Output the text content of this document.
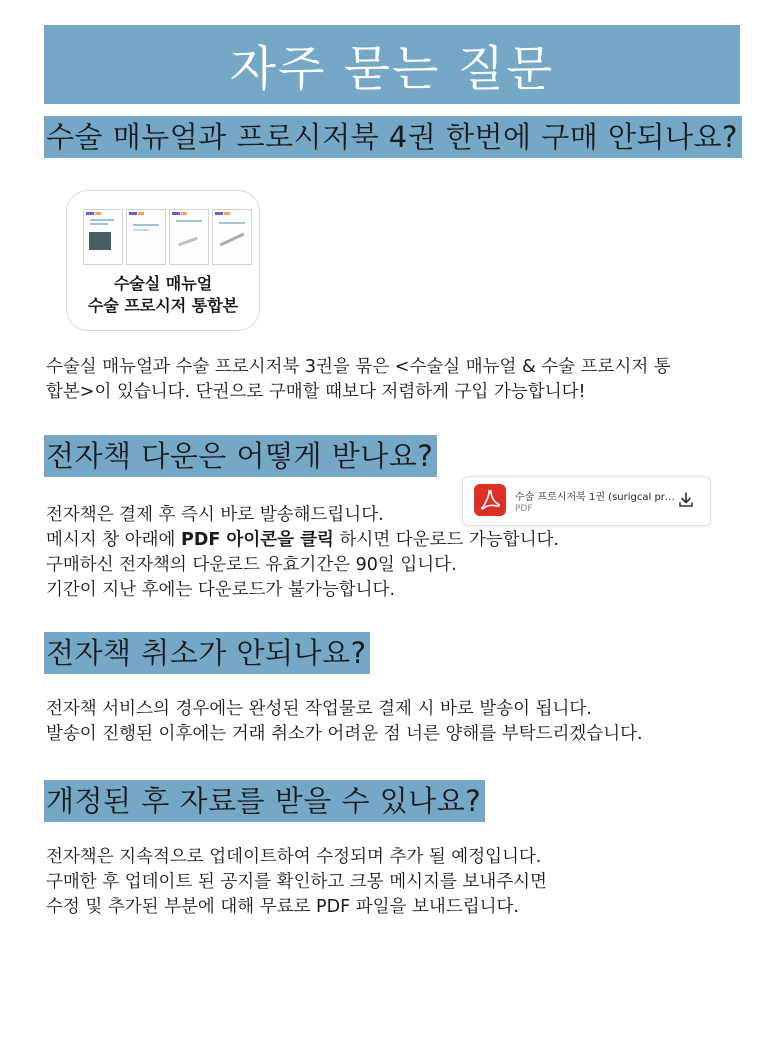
자주 묻는 질문
수술 매뉴얼과 프로시저북 4권 한번에 구매 안되나요?
수술실 매뉴얼
수술 프로시저 통합본
수술실 매뉴얼과 수술 프로시저북 3권을 묶은 <수술실 매뉴얼 & 수술 프로시저 통
합본>이 있습니다. 단권으로 구매할 때보다 저렴하게 구입 가능합니다!
전자책 다운은 어떻게 받나요?
수술 프로시저북 1권 (surigcal pr…
PDF
전자책은 결제 후 즉시 바로 발송해드립니다.
메시지 창 아래에 PDF 아이콘을 클릭 하시면 다운로드 가능합니다.
구매하신 전자책의 다운로드 유효기간은 90일 입니다.
기간이 지난 후에는 다운로드가 불가능합니다.
전자책 취소가 안되나요?
전자책 서비스의 경우에는 완성된 작업물로 결제 시 바로 발송이 됩니다.
발송이 진행된 이후에는 거래 취소가 어려운 점 너른 양해를 부탁드리겠습니다.
개정된 후 자료를 받을 수 있나요?
전자책은 지속적으로 업데이트하여 수정되며 추가 될 예정입니다.
구매한 후 업데이트 된 공지를 확인하고 크몽 메시지를 보내주시면
수정 및 추가된 부분에 대해 무료로 PDF 파일을 보내드립니다.
